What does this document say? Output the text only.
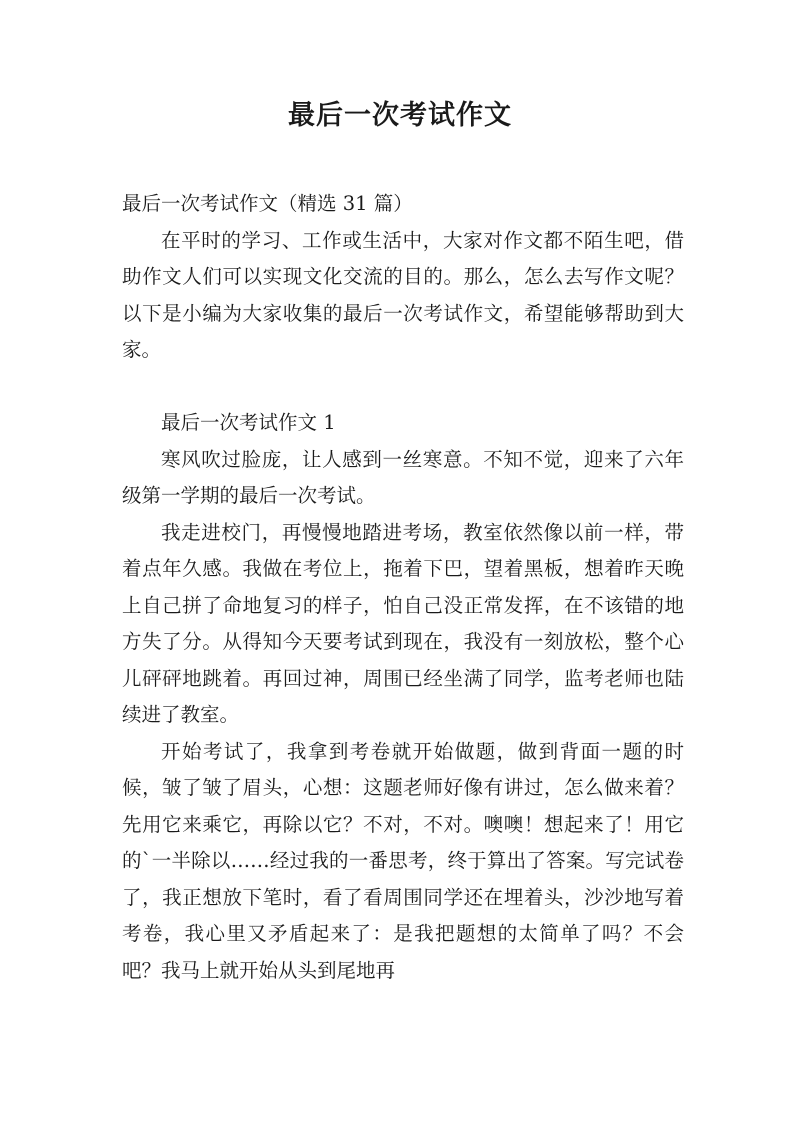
最后一次考试作文

最后一次考试作文（精选 31 篇）

在平时的学习、工作或生活中，大家对作文都不陌生吧，借助作文人们可以实现文化交流的目的。那么，怎么去写作文呢？以下是小编为大家收集的最后一次考试作文，希望能够帮助到大家。

最后一次考试作文 1

寒风吹过脸庞，让人感到一丝寒意。不知不觉，迎来了六年级第一学期的最后一次考试。

我走进校门，再慢慢地踏进考场，教室依然像以前一样，带着点年久感。我做在考位上，拖着下巴，望着黑板，想着昨天晚上自己拼了命地复习的样子，怕自己没正常发挥，在不该错的地方失了分。从得知今天要考试到现在，我没有一刻放松，整个心儿砰砰地跳着。再回过神，周围已经坐满了同学，监考老师也陆续进了教室。

开始考试了，我拿到考卷就开始做题，做到背面一题的时候，皱了皱了眉头，心想：这题老师好像有讲过，怎么做来着？先用它来乘它，再除以它？不对，不对。噢噢！想起来了！用它的`一半除以……经过我的一番思考，终于算出了答案。写完试卷了，我正想放下笔时，看了看周围同学还在埋着头，沙沙地写着考卷，我心里又矛盾起来了：是我把题想的太简单了吗？不会吧？我马上就开始从头到尾地再
